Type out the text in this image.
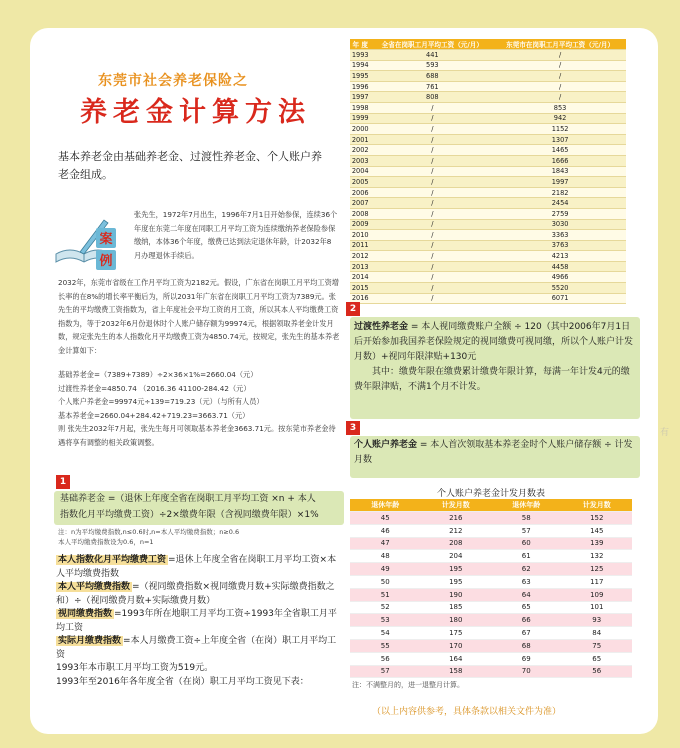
东莞市社会养老保险之
养老金计算方法
基本养老金由基础养老金、过渡性养老金、个人账户养老金组成。
案
例
张先生，1972年7月出生，1996年7月1日开始参保，连续36个年度在东莞二年度在同职工月平均工资为连续缴纳养老保险参保缴纳，本体36个年度，缴费已达到法定退休年龄，计2032年8月办理退休手续后。
2032年，东莞市省级在工作月平均工资为2182元。假设，广东省在岗职工月平均工资增长率的在8%的增长率平衡后为，所以2031年广东省在岗职工月平均工资为7389元。张先生的平均缴费工资指数为，省上年度社会平均工资的月工资，所以其本人平均缴费工资指数为，等于2032年6月份退休时个人账户储存额为99974元，根据领取养老金计发月数，规定张先生的本人指数化月平均缴费工资为4850.74元，按规定，张先生的基本养老金计算如下：
基础养老金=（7389+7389）÷2×36×1%=2660.04（元）
过渡性养老金=4850.74 （2016.36 41100-284.42（元）
个人账户养老金=99974元÷139=719.23（元）（与所有人员）
基本养老金=2660.04+284.42+719.23=3663.71（元）
则 张先生2032年7月起，张先生每月可领取基本养老金3663.71元。按东莞市养老金待遇将享有调整的相关政策调整。
1
基础养老金 =（退休上年度全省在岗职工月平均工资 ×n + 本人
指数化月平均缴费工资）÷2×缴费年限（含视同缴费年限）×1%
注：n为平均缴费指数,n≤0.6时,n=本人平均缴费指数；n≥0.6
本人平均缴费指数设为0.6，n=1
本人指数化月平均缴费工资 =退休上年度全省在岗职工月平均工资×本人平均缴费指数
本人平均缴费指数 =（视同缴费指数×视同缴费月数+实际缴费指数之和）÷（视同缴费月数+实际缴费月数）
视同缴费指数 =1993年所在地职工月平均工资÷1993年全省职工月平均工资
实际月缴费指数 =本人月缴费工资÷上年度全省（在岗）职工月平均工资
1993年本市职工月平均工资为519元。
1993年至2016年各年度全省（在岗）职工月平均工资见下表：
年 度	全省在岗职工月平均工资（元/月）	东莞市在岗职工月平均工资（元/月）
1993	441	/
1994	593	/
1995	688	/
1996	761	/
1997	808	/
1998	/	853
1999	/	942
2000	/	1152
2001	/	1307
2002	/	1465
2003	/	1666
2004	/	1843
2005	/	1997
2006	/	2182
2007	/	2454
2008	/	2759
2009	/	3030
2010	/	3363
2011	/	3763
2012	/	4213
2013	/	4458
2014	/	4966
2015	/	5520
2016	/	6071
2
过渡性养老金 = 本人视同缴费账户全额 ÷ 120（其中2006年7月1日后开始参加我国养老保险规定的视同缴费可视同缴，所以个人账户计发月数）+视同年限津贴+130元
其中：缴费年限在缴费累计缴费年限计算，每满一年计发4元的缴费年限津贴，不满1个月不计发。
3
个人账户养老金 = 本人首次领取基本养老金时个人账户储存额 ÷ 计发月数
个人账户养老金计发月数表
退休年龄	计发月数	退休年龄	计发月数
45	216	58	152
46	212	57	145
47	208	60	139
48	204	61	132
49	195	62	125
50	195	63	117
51	190	64	109
52	185	65	101
53	180	66	93
54	175	67	84
55	170	68	75
56	164	69	65
57	158	70	56
注：不满整月的，进一退整月计算。
（以上内容供参考，具体条款以相关文件为准）
有
